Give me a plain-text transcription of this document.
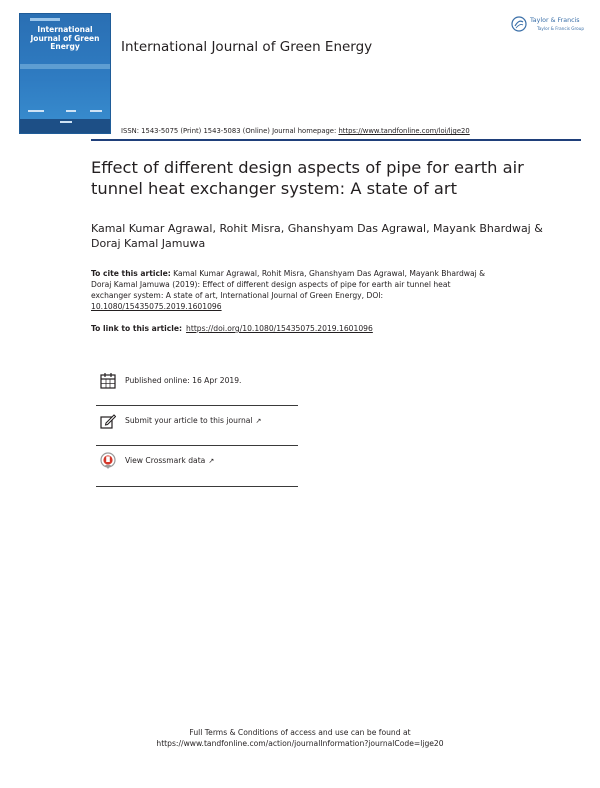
International Journal of Green Energy	International Journal of Green Energy
ISSN: 1543-5075 (Print) 1543-5083 (Online) Journal homepage: https://www.tandfonline.com/loi/ljge20
Taylor & Francis
Taylor & Francis Group
Effect of different design aspects of pipe for earth air tunnel heat exchanger system: A state of art
Kamal Kumar Agrawal, Rohit Misra, Ghanshyam Das Agrawal, Mayank Bhardwaj & Doraj Kamal Jamuwa
To cite this article: Kamal Kumar Agrawal, Rohit Misra, Ghanshyam Das Agrawal, Mayank Bhardwaj & Doraj Kamal Jamuwa (2019): Effect of different design aspects of pipe for earth air tunnel heat exchanger system: A state of art, International Journal of Green Energy, DOI: 10.1080/15435075.2019.1601096
To link to this article: https://doi.org/10.1080/15435075.2019.1601096
Published online: 16 Apr 2019.
Submit your article to this journal ↗
View Crossmark data ↗
Full Terms & Conditions of access and use can be found at
https://www.tandfonline.com/action/journalInformation?journalCode=ljge20
